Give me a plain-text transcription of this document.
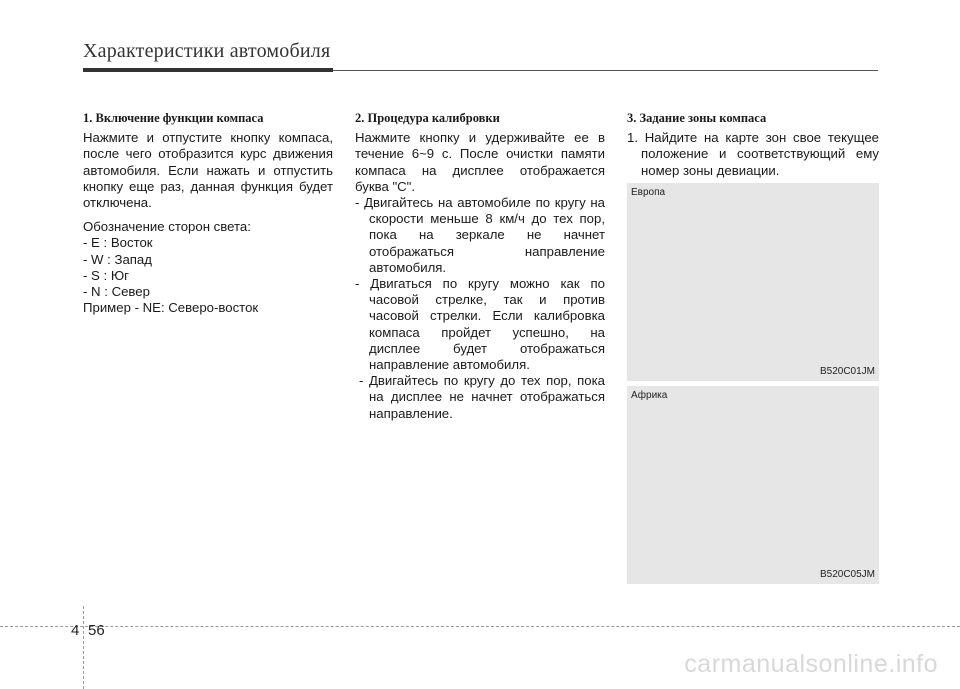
Характеристики автомобиля
1. Включение функции компаса
Нажмите и отпустите кнопку компаса, после чего отобразится курс движения автомобиля. Если нажать и отпустить кнопку еще раз, данная функция будет отключена.
Обозначение сторон света:
- E : Восток
- W : Запад
- S : Юг
- N : Север
Пример - NE: Северо-восток
2. Процедура калибровки
Нажмите кнопку и удерживайте ее в течение 6~9 с. После очистки памяти компаса на дисплее отображается буква "С".
- Двигайтесь на автомобиле по кругу на скорости меньше 8 км/ч до тех пор, пока на зеркале не начнет отображаться направление автомобиля.
- Двигаться по кругу можно как по часовой стрелке, так и против часовой стрелки. Если калибровка компаса пройдет успешно, на дисплее будет отображаться направление автомобиля.
- Двигайтесь по кругу до тех пор, пока на дисплее не начнет отображаться направление.
3. Задание зоны компаса
1. Найдите на карте зон свое текущее положение и соответствующий ему номер зоны девиации.
Европа
B520C01JM
Африка
B520C05JM
4 56
carmanualsonline.info
